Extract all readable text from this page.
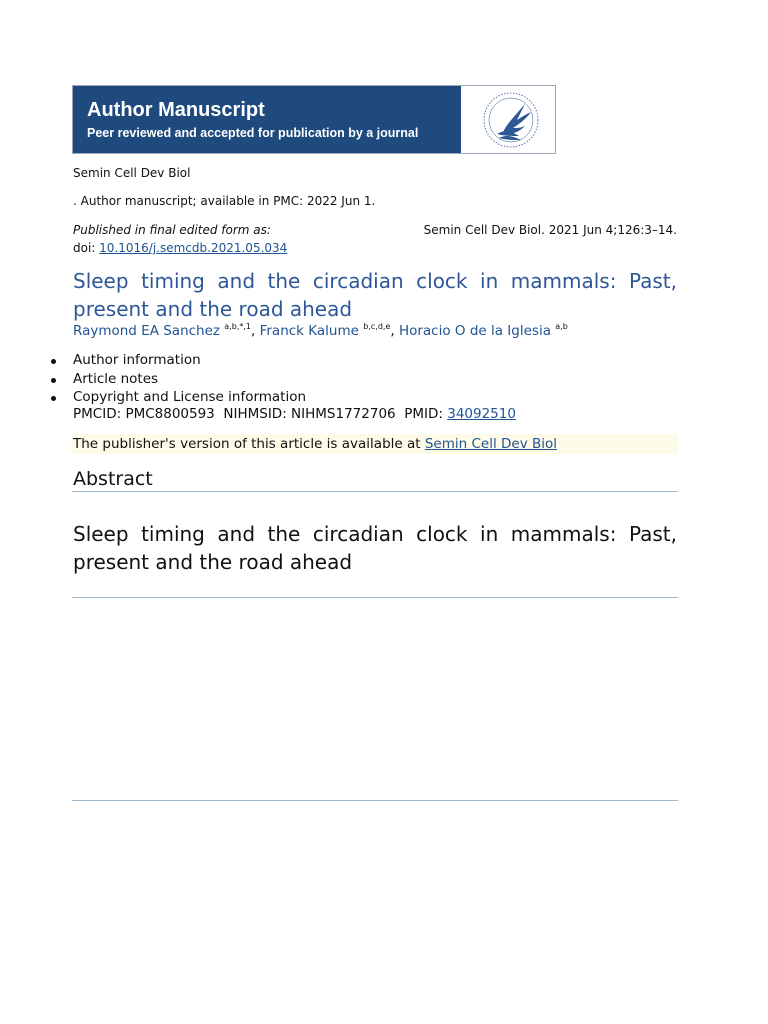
Author Manuscript
Peer reviewed and accepted for publication by a journal
Semin Cell Dev Biol
. Author manuscript; available in PMC: 2022 Jun 1.
Published in final edited form as:	Semin Cell Dev Biol. 2021 Jun 4;126:3–14.
doi: 10.1016/j.semcdb.2021.05.034
Sleep timing and the circadian clock in mammals: Past, present and the road ahead
Raymond EA Sanchez $^{a,b,*,1}$, Franck Kalume $^{b,c,d,e}$, Horacio O de la Iglesia $^{a,b}$
Author information
Article notes
Copyright and License information
PMCID: PMC8800593 NIHMSID: NIHMS1772706 PMID: 34092510
The publisher's version of this article is available at Semin Cell Dev Biol
Abstract
Sleep timing and the circadian clock in mammals: Past, present and the road ahead
